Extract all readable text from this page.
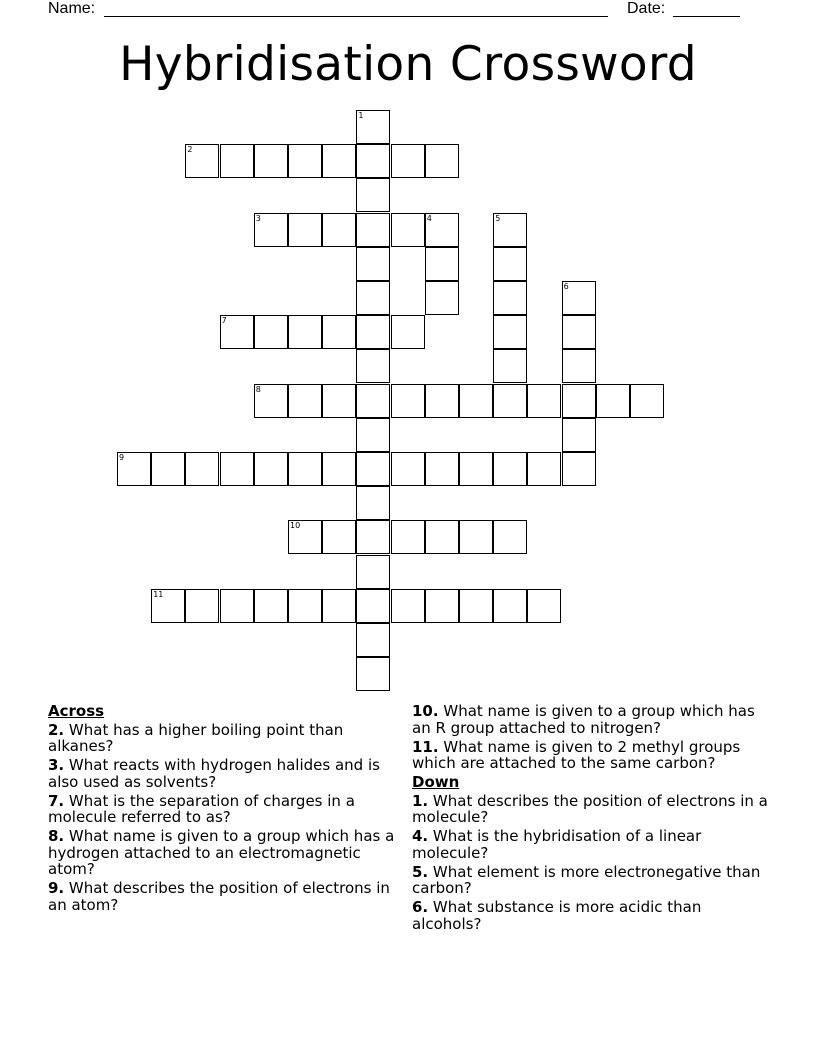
Name:	Date:
Hybridisation Crossword
1
2
3	4	5
6
7
8
9
10
11
Across
2. What has a higher boiling point than alkanes?
3. What reacts with hydrogen halides and is also used as solvents?
7. What is the separation of charges in a molecule referred to as?
8. What name is given to a group which has a hydrogen attached to an electromagnetic atom?
9. What describes the position of electrons in an atom?
10. What name is given to a group which has an R group attached to nitrogen?
11. What name is given to 2 methyl groups which are attached to the same carbon?
Down
1. What describes the position of electrons in a molecule?
4. What is the hybridisation of a linear molecule?
5. What element is more electronegative than carbon?
6. What substance is more acidic than alcohols?
